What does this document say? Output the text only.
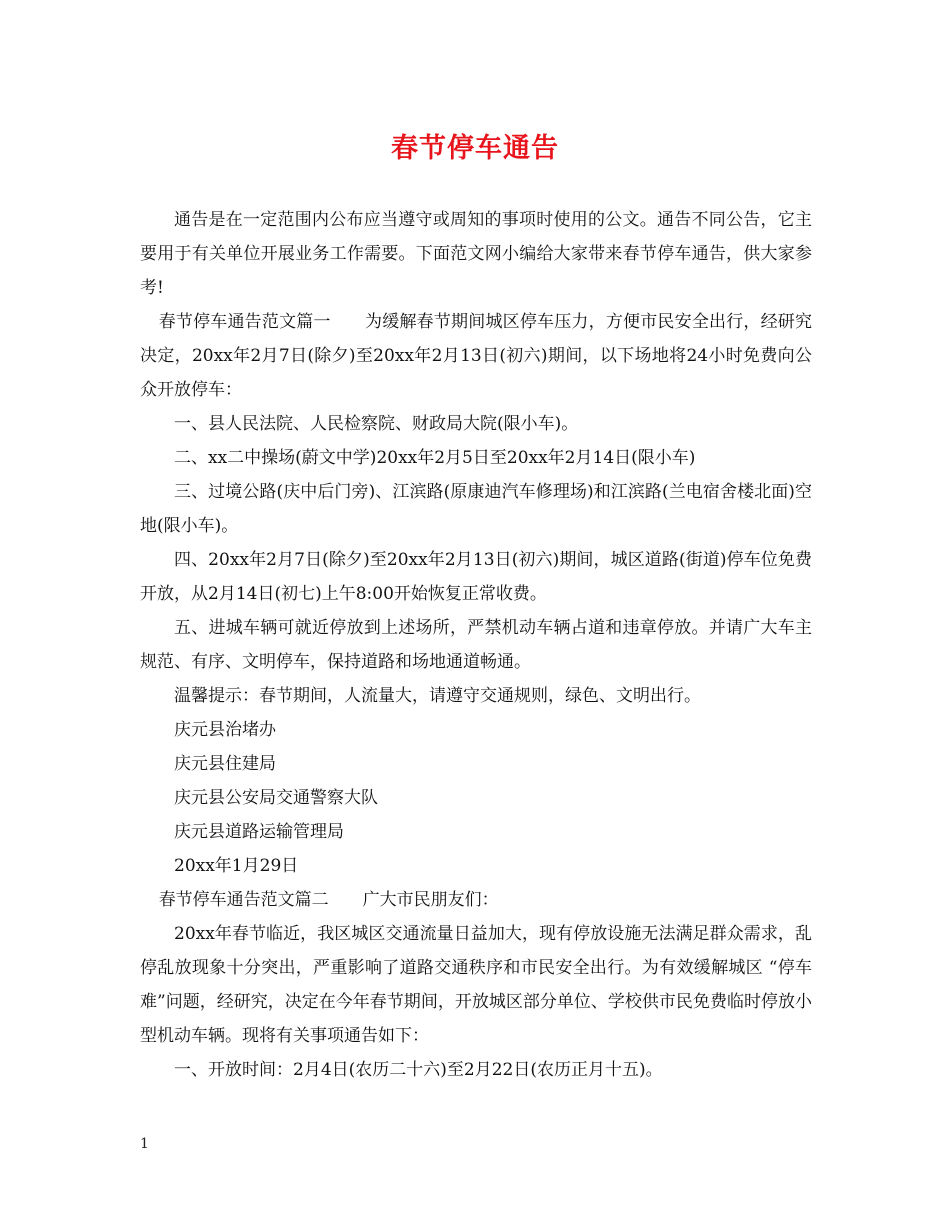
春节停车通告

通告是在一定范围内公布应当遵守或周知的事项时使用的公文。通告不同公告，它主要用于有关单位开展业务工作需要。下面范文网小编给大家带来春节停车通告，供大家参考!

春节停车通告范文篇一　　为缓解春节期间城区停车压力，方便市民安全出行，经研究决定，20xx年2月7日(除夕)至20xx年2月13日(初六)期间，以下场地将24小时免费向公众开放停车：

一、县人民法院、人民检察院、财政局大院(限小车)。

二、xx二中操场(蔚文中学)20xx年2月5日至20xx年2月14日(限小车)

三、过境公路(庆中后门旁)、江滨路(原康迪汽车修理场)和江滨路(兰电宿舍楼北面)空地(限小车)。

四、20xx年2月7日(除夕)至20xx年2月13日(初六)期间，城区道路(街道)停车位免费开放，从2月14日(初七)上午8:00开始恢复正常收费。

五、进城车辆可就近停放到上述场所，严禁机动车辆占道和违章停放。并请广大车主规范、有序、文明停车，保持道路和场地通道畅通。

温馨提示：春节期间，人流量大，请遵守交通规则，绿色、文明出行。

庆元县治堵办

庆元县住建局

庆元县公安局交通警察大队

庆元县道路运输管理局

20xx年1月29日

春节停车通告范文篇二　　广大市民朋友们：

20xx年春节临近，我区城区交通流量日益加大，现有停放设施无法满足群众需求，乱停乱放现象十分突出，严重影响了道路交通秩序和市民安全出行。为有效缓解城区 “停车难”问题，经研究，决定在今年春节期间，开放城区部分单位、学校供市民免费临时停放小型机动车辆。现将有关事项通告如下：

一、开放时间：2月4日(农历二十六)至2月22日(农历正月十五)。

1
